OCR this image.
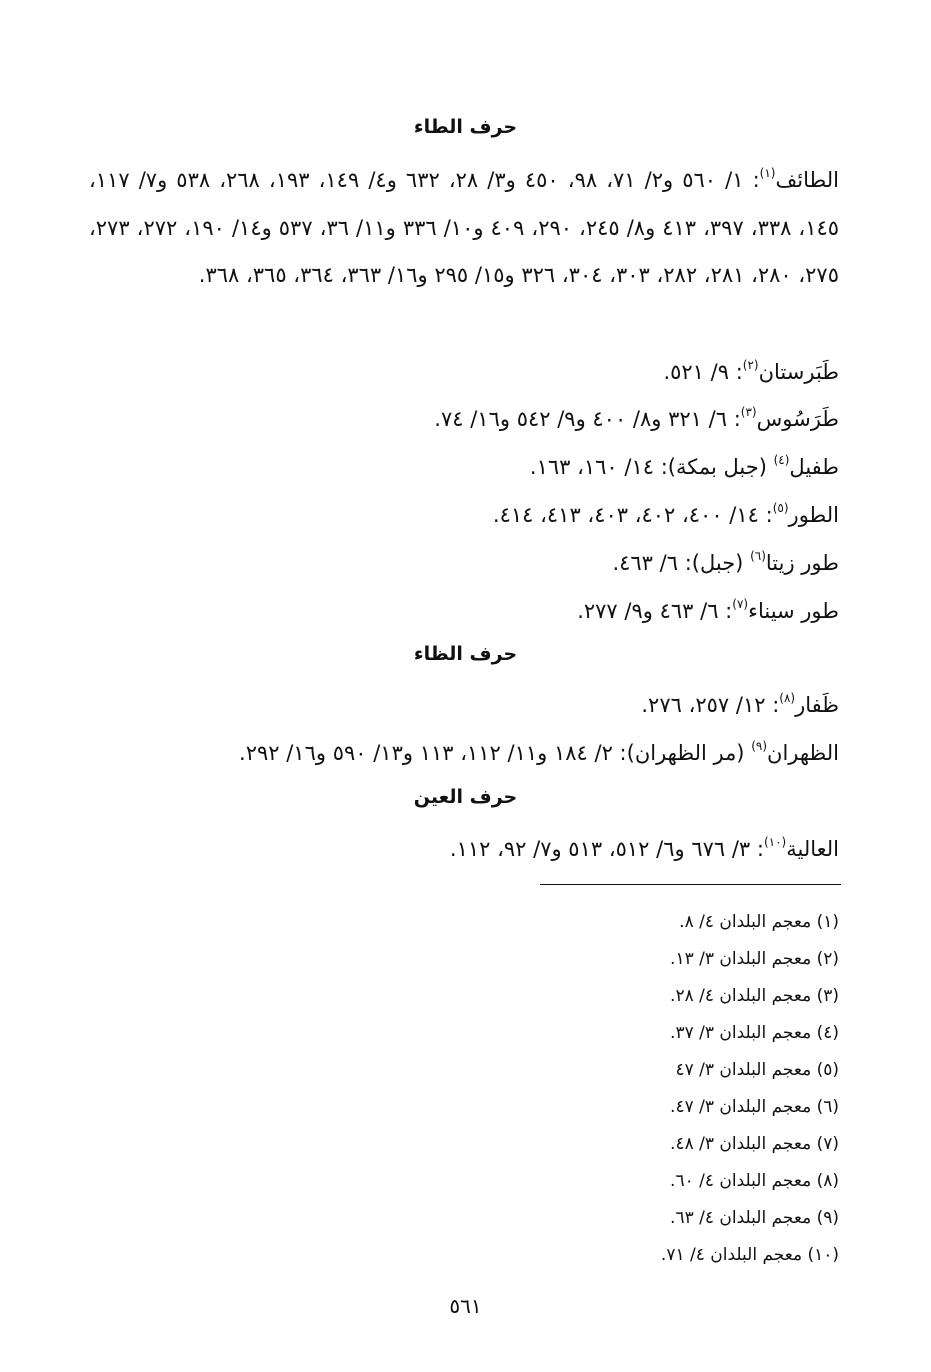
حرف الطاء
الطائف$^{(١)}$: ١/ ٥٦٠ و٢/ ٧١، ٩٨، ٤٥٠ و٣/ ٢٨، ٦٣٢ و٤/ ١٤٩، ١٩٣، ٢٦٨، ٥٣٨ و٧/ ١١٧، ١٤٥، ٣٣٨، ٣٩٧، ٤١٣ و٨/ ٢٤٥، ٢٩٠، ٤٠٩ و١٠/ ٣٣٦ و١١/ ٣٦، ٥٣٧ و١٤/ ١٩٠، ٢٧٢، ٢٧٣، ٢٧٥، ٢٨٠، ٢٨١، ٢٨٢، ٣٠٣، ٣٠٤، ٣٢٦ و١٥/ ٢٩٥ و١٦/ ٣٦٣، ٣٦٤، ٣٦٥، ٣٦٨.
طَبَرستان$^{(٢)}$: ٩/ ٥٢١.
طَرَسُوس$^{(٣)}$: ٦/ ٣٢١ و٨/ ٤٠٠ و٩/ ٥٤٢ و١٦/ ٧٤.
طفيل$^{(٤)}$ (جبل بمكة): ١٤/ ١٦٠، ١٦٣.
الطور$^{(٥)}$: ١٤/ ٤٠٠، ٤٠٢، ٤٠٣، ٤١٣، ٤١٤.
طور زيتا$^{(٦)}$ (جبل): ٦/ ٤٦٣.
طور سيناء$^{(٧)}$: ٦/ ٤٦٣ و٩/ ٢٧٧.
حرف الظاء
ظَفار$^{(٨)}$: ١٢/ ٢٥٧، ٢٧٦.
الظهران$^{(٩)}$ (مر الظهران): ٢/ ١٨٤ و١١/ ١١٢، ١١٣ و١٣/ ٥٩٠ و١٦/ ٢٩٢.
حرف العين
العالية$^{(١٠)}$: ٣/ ٦٧٦ و٦/ ٥١٢، ٥١٣ و٧/ ٩٢، ١١٢.
(١) معجم البلدان ٤/ ٨.
(٢) معجم البلدان ٣/ ١٣.
(٣) معجم البلدان ٤/ ٢٨.
(٤) معجم البلدان ٣/ ٣٧.
(٥) معجم البلدان ٣/ ٤٧
(٦) معجم البلدان ٣/ ٤٧.
(٧) معجم البلدان ٣/ ٤٨.
(٨) معجم البلدان ٤/ ٦٠.
(٩) معجم البلدان ٤/ ٦٣.
(١٠) معجم البلدان ٤/ ٧١.
٥٦١
